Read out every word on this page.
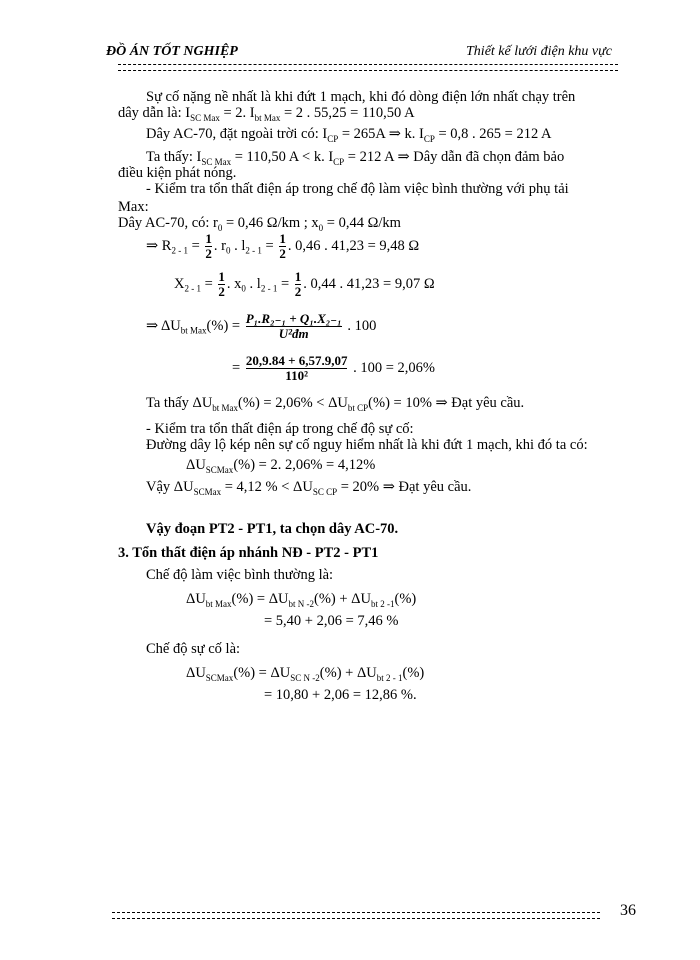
ĐỒ ÁN TỐT NGHIỆP	Thiết kế lưới điện khu vực
Sự cố nặng nề nhất là khi đứt 1 mạch, khi đó dòng điện lớn nhất chạy trên
dây dẫn là: $I_{SC Max} = 2$. $I_{bt Max} = 2$ . 55,25 = 110,50 A
Dây AC-70, đặt ngoài trời có: $I_{CP} = 265A$ ⇒ k. $I_{CP} = 0,8$ . 265 = 212 A
Ta thấy: $I_{SC Max} = 110,50$ A < k. $I_{CP} = 212$ A ⇒ Dây dẫn đã chọn đảm bảo
điều kiện phát nóng.
- Kiểm tra tổn thất điện áp trong chế độ làm việc bình thường với phụ tải
Max:
Dây AC-70, có: $r_0 = 0,46$ Ω/km ; $x_0 = 0,44$ Ω/km
⇒ $R_{2 - 1} = \frac{1}{2}$ . $r_0$ . $l_{2 - 1} = \frac{1}{2}$ . 0,46 . 41,23 = 9,48 Ω
$X_{2 - 1} = \frac{1}{2}$ . $x_0$ . $l_{2 - 1} = \frac{1}{2}$ . 0,44 . 41,23 = 9,07 Ω
⇒ $\Delta U_{bt Max}(\%) = \frac{\text{P₁.R₂₋₁ + Q₁.X₂₋₁}}{\text{U²đm}}$ . 100
= $\frac{20,9.84 + 6,57.9,07}{\text{110²}}$ . 100 = 2,06%
Ta thấy $\Delta U_{bt Max}(\%) = 2,06\% < \Delta U_{bt CP}(\%) = 10\%$ ⇒ Đạt yêu cầu.
- Kiểm tra tổn thất điện áp trong chế độ sự cố:
Đường dây lộ kép nên sự cố nguy hiểm nhất là khi đứt 1 mạch, khi đó ta có:
$\Delta U_{SCMax}(\%) = 2$. 2,06% = 4,12%
Vậy $\Delta U_{SCMax} = 4,12$ % < $\Delta U_{SC CP} = 20\%$ ⇒ Đạt yêu cầu.
Vậy đoạn PT2 - PT1, ta chọn dây AC-70.
3. Tổn thất điện áp nhánh NĐ - PT2 - PT1
Chế độ làm việc bình thường là:
$\Delta U_{bt Max}(\%) = \Delta U_{bt N -2}(\%) + \Delta U_{bt 2 -1}(\%)$
= 5,40 + 2,06 = 7,46 %
Chế độ sự cố là:
$\Delta U_{SCMax}(\%) = \Delta U_{SC N -2}(\%) + \Delta U_{bt 2 - 1}(\%)$
= 10,80 + 2,06 = 12,86 %.
36
